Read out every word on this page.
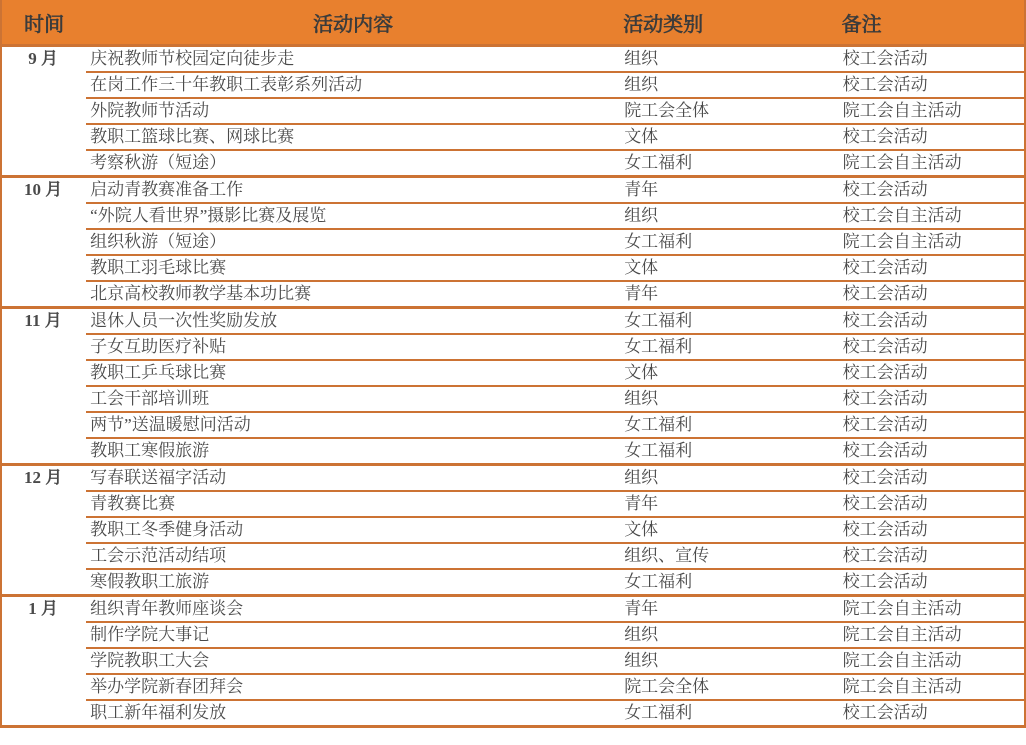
时间	活动内容	活动类别	备注
9 月	庆祝教师节校园定向徒步走	组织	校工会活动
	在岗工作三十年教职工表彰系列活动	组织	校工会活动
	外院教师节活动	院工会全体	院工会自主活动
	教职工篮球比赛、网球比赛	文体	校工会活动
	考察秋游（短途）	女工福利	院工会自主活动
10 月	启动青教赛准备工作	青年	校工会活动
	“外院人看世界”摄影比赛及展览	组织	校工会自主活动
	组织秋游（短途）	女工福利	院工会自主活动
	教职工羽毛球比赛	文体	校工会活动
	北京高校教师教学基本功比赛	青年	校工会活动
11 月	退休人员一次性奖励发放	女工福利	校工会活动
	子女互助医疗补贴	女工福利	校工会活动
	教职工乒乓球比赛	文体	校工会活动
	工会干部培训班	组织	校工会活动
	两节”送温暖慰问活动	女工福利	校工会活动
	教职工寒假旅游	女工福利	校工会活动
12 月	写春联送福字活动	组织	校工会活动
	青教赛比赛	青年	校工会活动
	教职工冬季健身活动	文体	校工会活动
	工会示范活动结项	组织、宣传	校工会活动
	寒假教职工旅游	女工福利	校工会活动
1 月	组织青年教师座谈会	青年	院工会自主活动
	制作学院大事记	组织	院工会自主活动
	学院教职工大会	组织	院工会自主活动
	举办学院新春团拜会	院工会全体	院工会自主活动
	职工新年福利发放	女工福利	校工会活动
